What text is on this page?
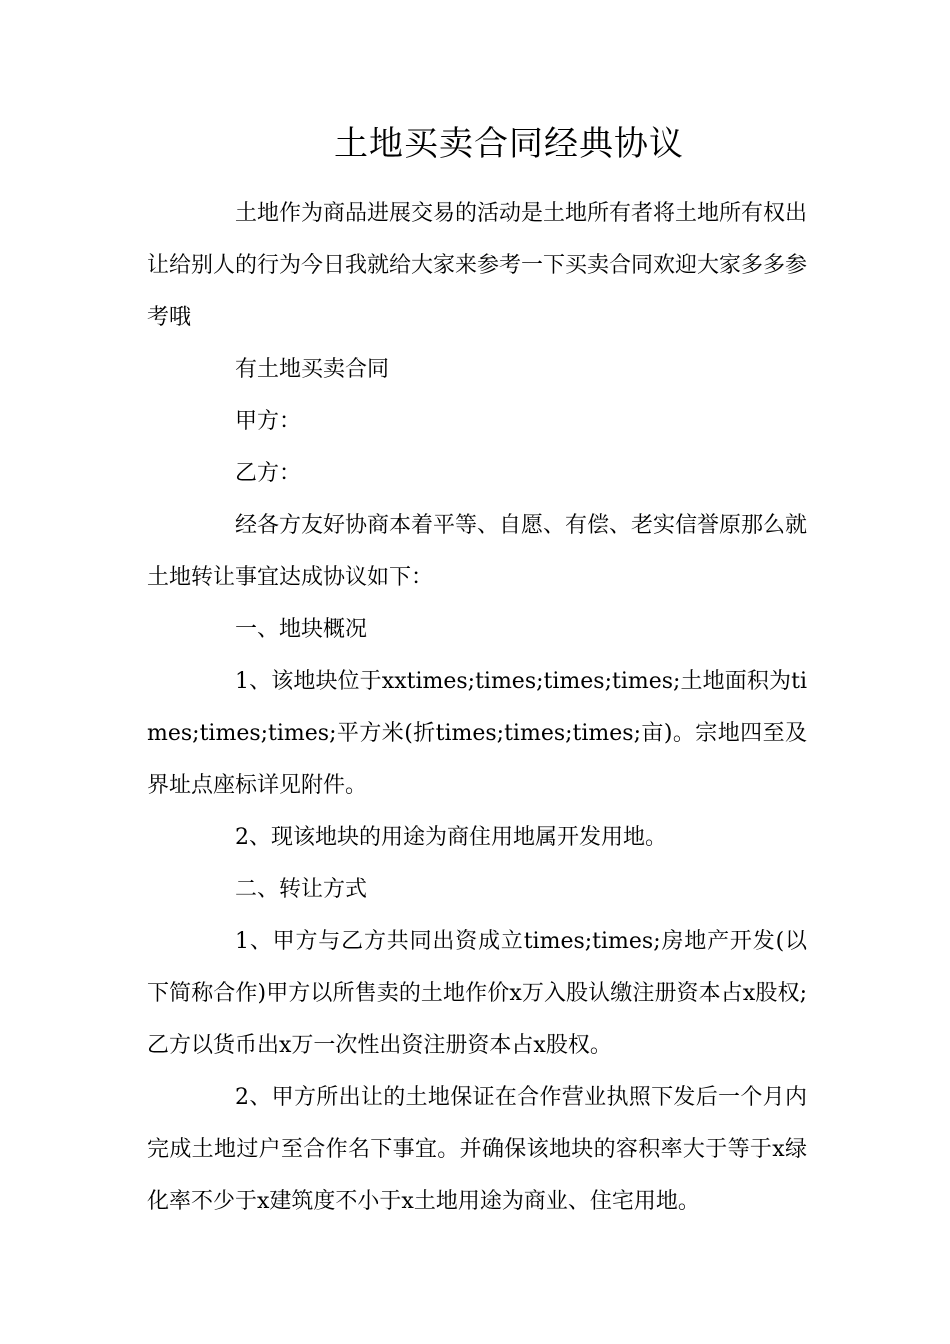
土地买卖合同经典协议

土地作为商品进展交易的活动是土地所有者将土地所有权出让给别人的行为今日我就给大家来参考一下买卖合同欢迎大家多多参考哦

有土地买卖合同

甲方：

乙方：

经各方友好协商本着平等、自愿、有偿、老实信誉原那么就土地转让事宜达成协议如下：

一、地块概况

1、该地块位于xxtimes;times;times;times;土地面积为times;times;times;平方米(折times;times;times;亩)。宗地四至及界址点座标详见附件。

2、现该地块的用途为商住用地属开发用地。

二、转让方式

1、甲方与乙方共同出资成立times;times;房地产开发(以下简称合作)甲方以所售卖的土地作价x万入股认缴注册资本占x股权;乙方以货币出x万一次性出资注册资本占x股权。

2、甲方所出让的土地保证在合作营业执照下发后一个月内完成土地过户至合作名下事宜。并确保该地块的容积率大于等于x绿化率不少于x建筑度不小于x土地用途为商业、住宅用地。
